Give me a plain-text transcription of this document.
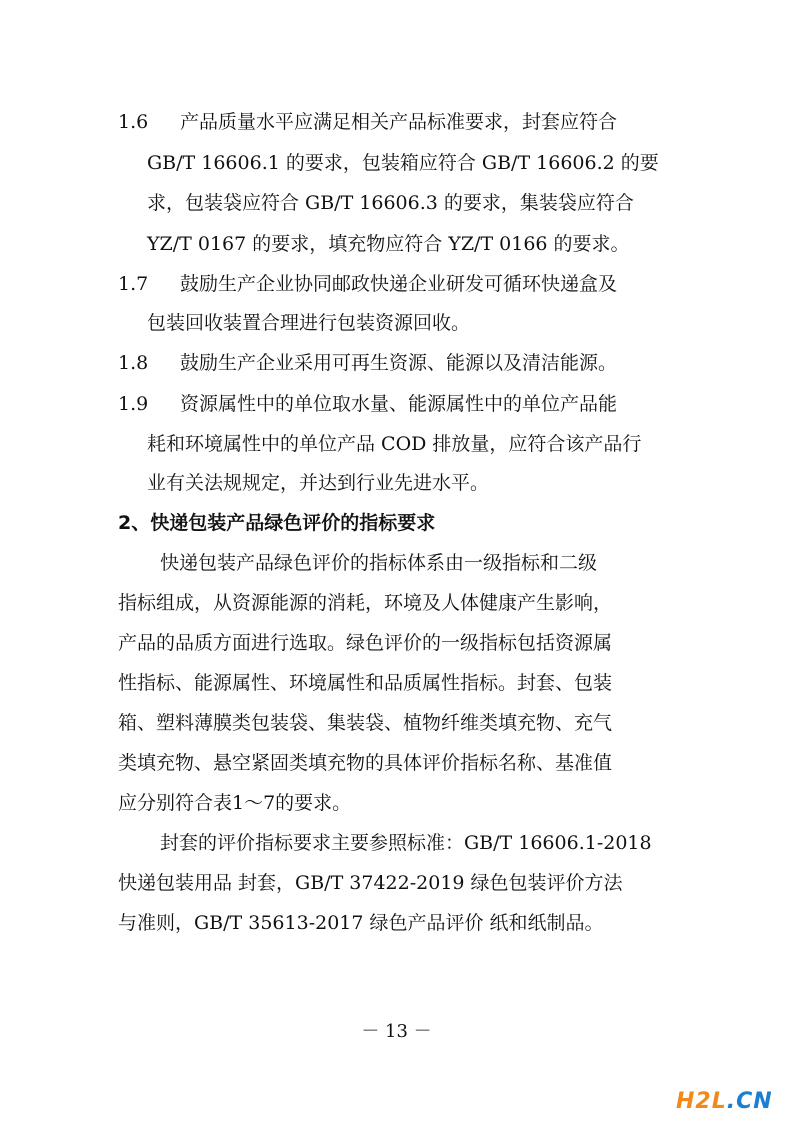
1.6 产品质量水平应满足相关产品标准要求，封套应符合
GB/T 16606.1 的要求，包装箱应符合 GB/T 16606.2 的要
求，包装袋应符合 GB/T 16606.3 的要求，集装袋应符合
YZ/T 0167 的要求，填充物应符合 YZ/T 0166 的要求。
1.7 鼓励生产企业协同邮政快递企业研发可循环快递盒及
包装回收装置合理进行包装资源回收。
1.8 鼓励生产企业采用可再生资源、能源以及清洁能源。
1.9 资源属性中的单位取水量、能源属性中的单位产品能
耗和环境属性中的单位产品 COD 排放量，应符合该产品行
业有关法规规定，并达到行业先进水平。
2、快递包装产品绿色评价的指标要求
快递包装产品绿色评价的指标体系由一级指标和二级
指标组成，从资源能源的消耗，环境及人体健康产生影响，
产品的品质方面进行选取。绿色评价的一级指标包括资源属
性指标、能源属性、环境属性和品质属性指标。封套、包装
箱、塑料薄膜类包装袋、集装袋、植物纤维类填充物、充气
类填充物、悬空紧固类填充物的具体评价指标名称、基准值
应分别符合表1～7的要求。
封套的评价指标要求主要参照标准：GB/T 16606.1-2018
快递包装用品 封套，GB/T 37422-2019 绿色包装评价方法
与准则，GB/T 35613-2017 绿色产品评价 纸和纸制品。
－ 13 －
H2L.CN
